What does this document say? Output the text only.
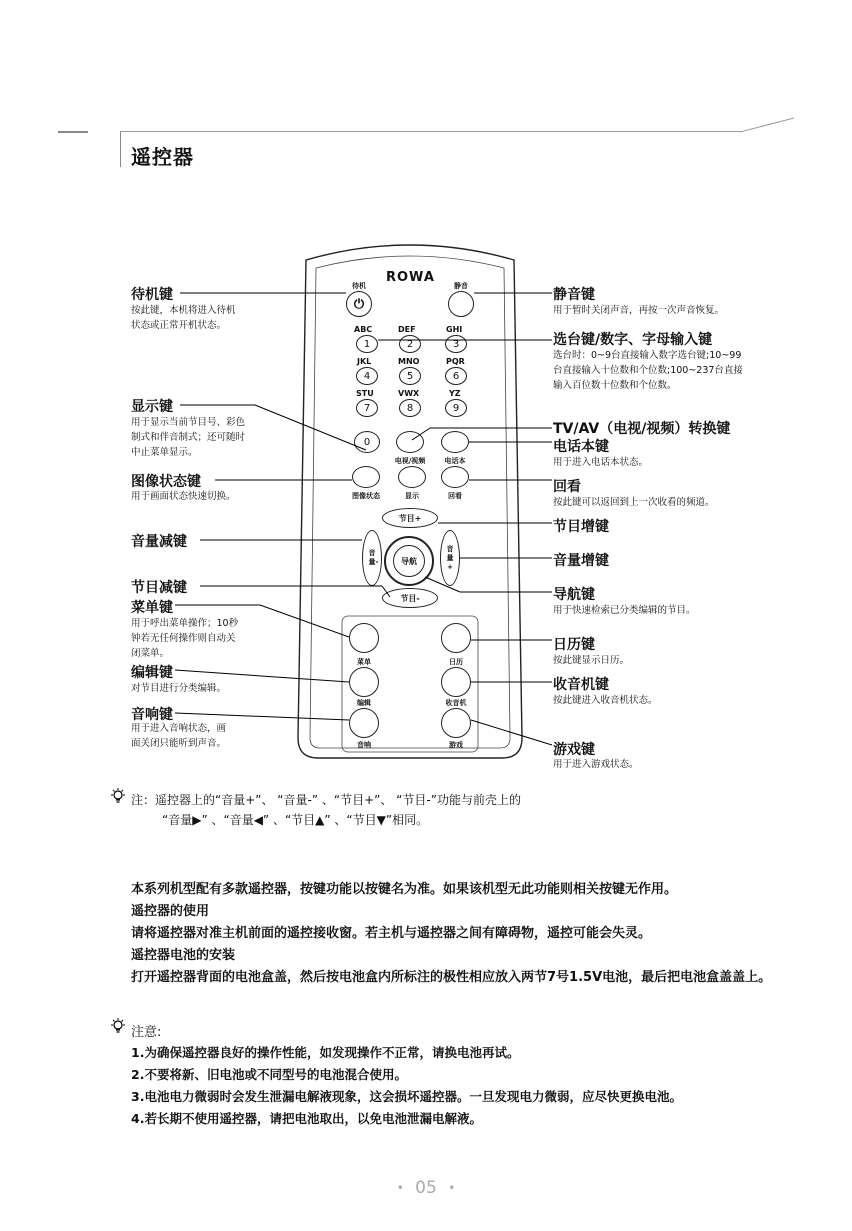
遥控器
ROWA
待机
⏻
静音
ABC	DEF	GHI
1	2	3
JKL	MNO	PQR
4	5	6
STU	VWX	YZ
7	8	9
0
电视/视频	电话本
图像状态	显示	回看
节目+
节目-
音量-
音量+
导航
菜单	日历
编辑	收音机
音响	游戏
待机键
按此键，本机将进入待机
状态或正常开机状态。
显示键
用于显示当前节目号、彩色
制式和伴音制式；还可随时
中止菜单显示。
图像状态键
用于画面状态快速切换。
音量减键
节目减键
菜单键
用于呼出菜单操作；10秒
钟若无任何操作则自动关
闭菜单。
编辑键
对节目进行分类编辑。
音响键
用于进入音响状态，画
面关闭只能听到声音。
静音键
用于暂时关闭声音，再按一次声音恢复。
选台键/数字、字母输入键
选台时：0~9台直接输入数字选台键;10~99
台直接输入十位数和个位数;100~237台直接
输入百位数十位数和个位数。
TV/AV（电视/视频）转换键
电话本键
用于进入电话本状态。
回看
按此键可以返回到上一次收看的频道。
节目增键
音量增键
导航键
用于快速检索已分类编辑的节目。
日历键
按此键显示日历。
收音机键
按此键进入收音机状态。
游戏键
用于进入游戏状态。
注：遥控器上的“音量+”、 “音量-” 、“节目+”、 “节目-”功能与前壳上的
“音量▶” 、“音量◀” 、“节目▲” 、“节目▼”相同。
本系列机型配有多款遥控器，按键功能以按键名为准。如果该机型无此功能则相关按键无作用。
遥控器的使用
请将遥控器对准主机前面的遥控接收窗。若主机与遥控器之间有障碍物，遥控可能会失灵。
遥控器电池的安装
打开遥控器背面的电池盒盖，然后按电池盒内所标注的极性相应放入两节7号1.5V电池，最后把电池盒盖盖上。
注意:
1.为确保遥控器良好的操作性能，如发现操作不正常，请换电池再试。
2.不要将新、旧电池或不同型号的电池混合使用。
3.电池电力微弱时会发生泄漏电解液现象，这会损坏遥控器。一旦发现电力微弱，应尽快更换电池。
4.若长期不使用遥控器，请把电池取出，以免电池泄漏电解液。
• 05 •
